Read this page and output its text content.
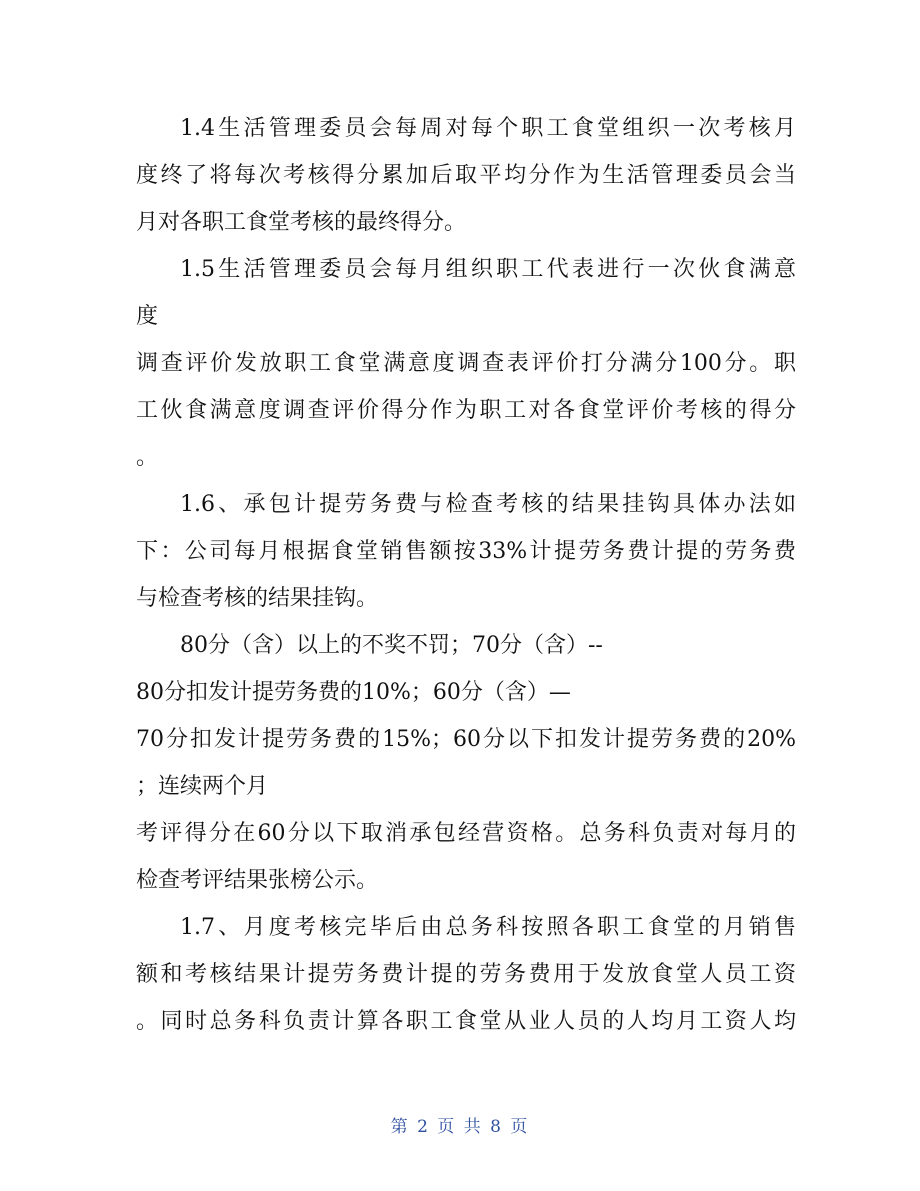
1.4生活管理委员会每周对每个职工食堂组织一次考核月
度终了将每次考核得分累加后取平均分作为生活管理委员会当
月对各职工食堂考核的最终得分。
1.5生活管理委员会每月组织职工代表进行一次伙食满意
度
调查评价发放职工食堂满意度调查表评价打分满分100分。职
工伙食满意度调查评价得分作为职工对各食堂评价考核的得分
。
1.6、承包计提劳务费与检查考核的结果挂钩具体办法如
下：公司每月根据食堂销售额按33%计提劳务费计提的劳务费
与检查考核的结果挂钩。
80分（含）以上的不奖不罚；70分（含）--
80分扣发计提劳务费的10%；60分（含）—
70分扣发计提劳务费的15%；60分以下扣发计提劳务费的20%
；连续两个月
考评得分在60分以下取消承包经营资格。总务科负责对每月的
检查考评结果张榜公示。
1.7、月度考核完毕后由总务科按照各职工食堂的月销售
额和考核结果计提劳务费计提的劳务费用于发放食堂人员工资
。同时总务科负责计算各职工食堂从业人员的人均月工资人均
第 2 页 共 8 页
